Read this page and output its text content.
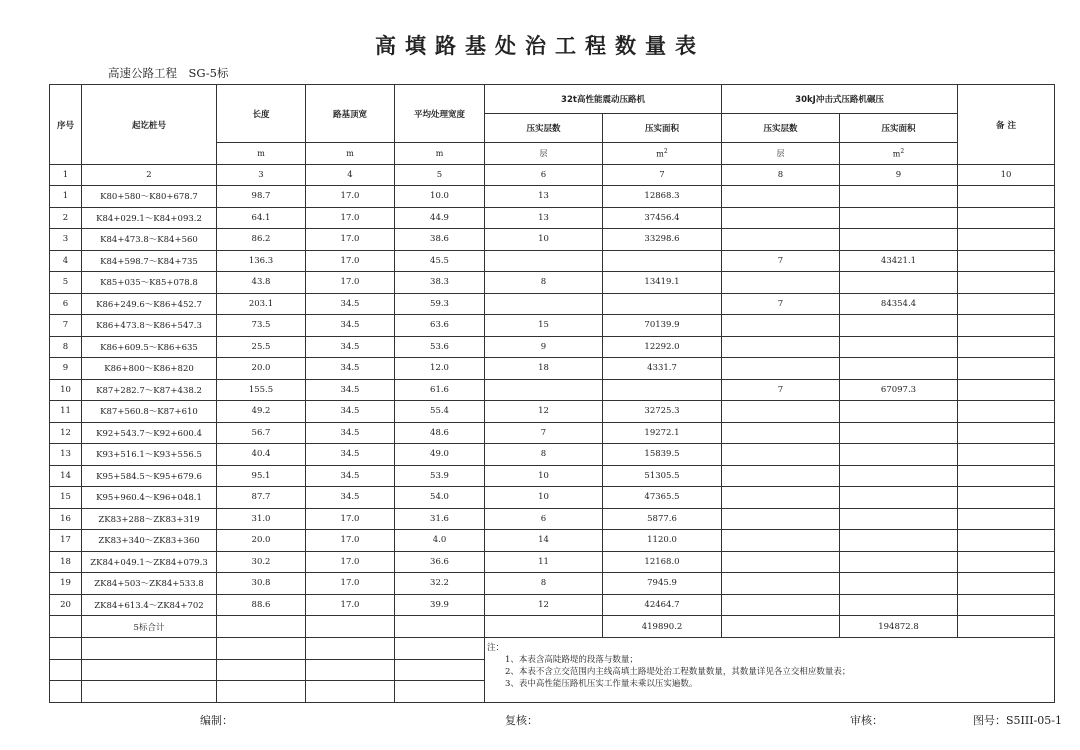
高填路基处治工程数量表
高速公路工程　SG-5标
序号	起讫桩号	长度	路基顶宽	平均处理宽度	32t高性能震动压路机		30kJ冲击式压路机碾压		备 注
					压实层数	压实面积	压实层数	压实面积	
		m	m	m	层	$m^2$	层	$m^2$
1	2	3	4	5	6	7	8	9	10
1	K80+580～K80+678.7	98.7	17.0	10.0	13	12868.3			
2	K84+029.1～K84+093.2	64.1	17.0	44.9	13	37456.4			
3	K84+473.8～K84+560	86.2	17.0	38.6	10	33298.6			
4	K84+598.7～K84+735	136.3	17.0	45.5			7	43421.1	
5	K85+035～K85+078.8	43.8	17.0	38.3	8	13419.1			
6	K86+249.6～K86+452.7	203.1	34.5	59.3			7	84354.4	
7	K86+473.8～K86+547.3	73.5	34.5	63.6	15	70139.9			
8	K86+609.5～K86+635	25.5	34.5	53.6	9	12292.0			
9	K86+800～K86+820	20.0	34.5	12.0	18	4331.7			
10	K87+282.7～K87+438.2	155.5	34.5	61.6			7	67097.3	
11	K87+560.8～K87+610	49.2	34.5	55.4	12	32725.3			
12	K92+543.7～K92+600.4	56.7	34.5	48.6	7	19272.1			
13	K93+516.1～K93+556.5	40.4	34.5	49.0	8	15839.5			
14	K95+584.5～K95+679.6	95.1	34.5	53.9	10	51305.5			
15	K95+960.4～K96+048.1	87.7	34.5	54.0	10	47365.5			
16	ZK83+288～ZK83+319	31.0	17.0	31.6	6	5877.6			
17	ZK83+340～ZK83+360	20.0	17.0	4.0	14	1120.0			
18	ZK84+049.1～ZK84+079.3	30.2	17.0	36.6	11	12168.0			
19	ZK84+503～ZK84+533.8	30.8	17.0	32.2	8	7945.9			
20	ZK84+613.4～ZK84+702	88.6	17.0	39.9	12	42464.7			
	5标合计					419890.2		194872.8	

					注：
1、本表含高陡路堤的段落与数量；
2、本表不含立交范围内主线高填土路堤处治工程数量数量，其数量详见各立交相应数量表；
3、表中高性能压路机压实工作量未乘以压实遍数。				

编制：	复核：	审核：	图号：S5III-05-1
